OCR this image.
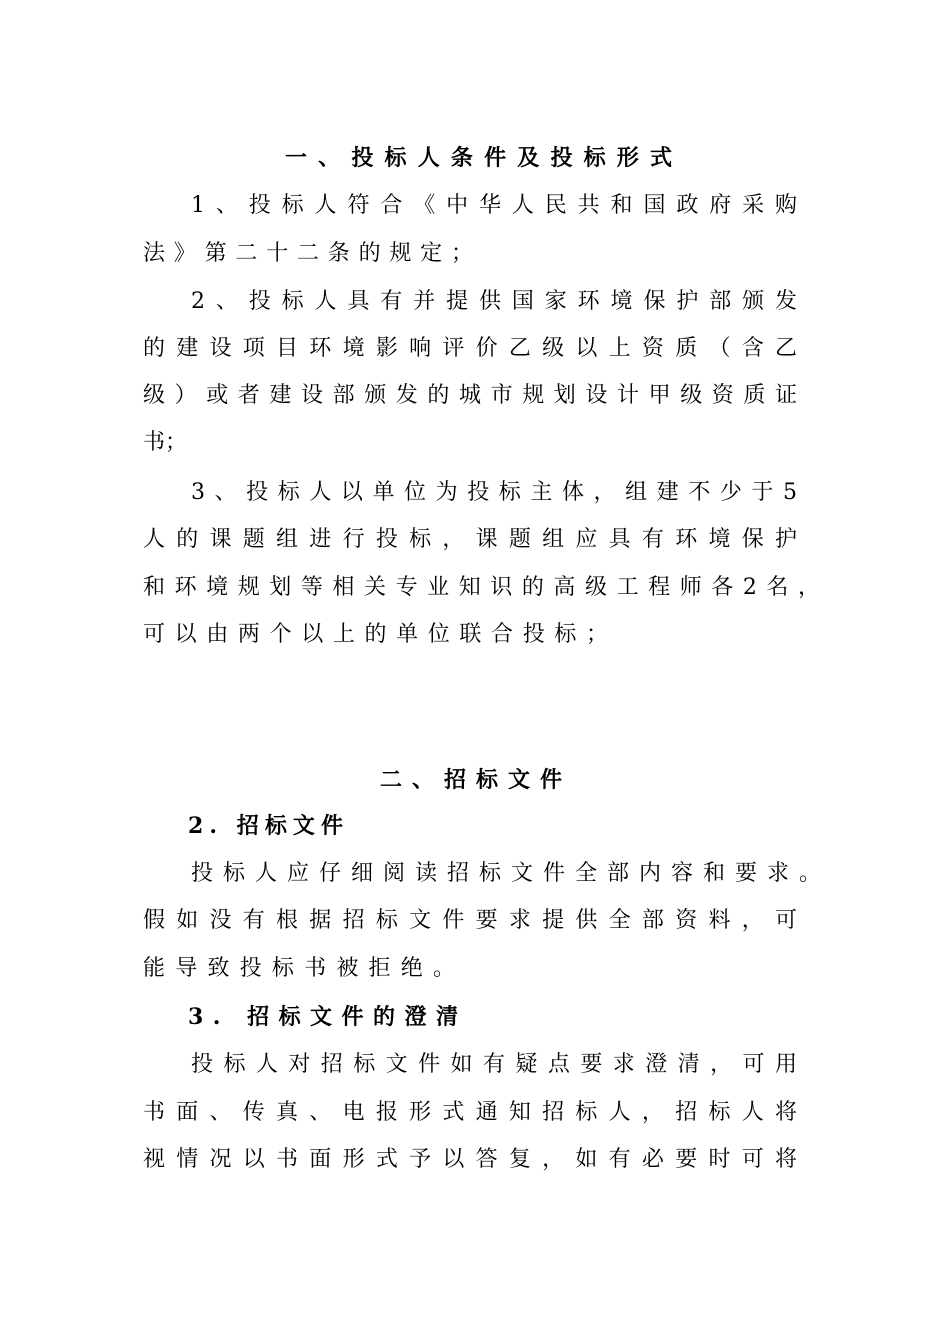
一、投标人条件及投标形式
1、投标人符合《中华人民共和国政府采购
法》第二十二条的规定；
2、投标人具有并提供国家环境保护部颁发
的建设项目环境影响评价乙级以上资质（含乙
级）或者建设部颁发的城市规划设计甲级资质证
书；
3、投标人以单位为投标主体，组建不少于5
人的课题组进行投标，课题组应具有环境保护
和环境规划等相关专业知识的高级工程师各2名，
可以由两个以上的单位联合投标；
二、招标文件
2. 招标文件
投标人应仔细阅读招标文件全部内容和要求。
假如没有根据招标文件要求提供全部资料，可
能导致投标书被拒绝。
3. 招标文件的澄清
投标人对招标文件如有疑点要求澄清，可用
书面、传真、电报形式通知招标人，招标人将
视情况以书面形式予以答复，如有必要时可将
